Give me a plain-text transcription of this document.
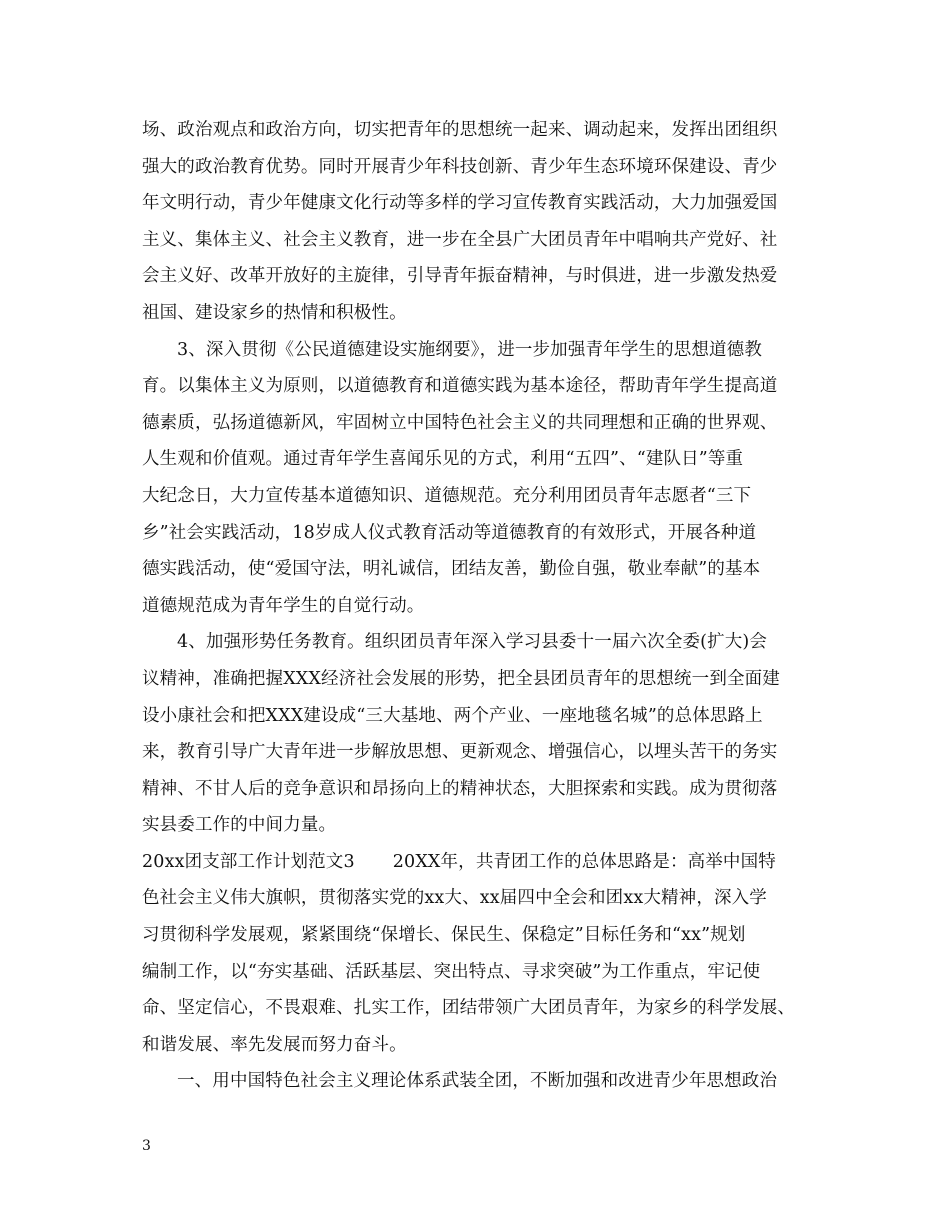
场、政治观点和政治方向，切实把青年的思想统一起来、调动起来，发挥出团组织
强大的政治教育优势。同时开展青少年科技创新、青少年生态环境环保建设、青少
年文明行动，青少年健康文化行动等多样的学习宣传教育实践活动，大力加强爱国
主义、集体主义、社会主义教育，进一步在全县广大团员青年中唱响共产党好、社
会主义好、改革开放好的主旋律，引导青年振奋精神，与时俱进，进一步激发热爱
祖国、建设家乡的热情和积极性。
3、深入贯彻《公民道德建设实施纲要》，进一步加强青年学生的思想道德教
育。以集体主义为原则，以道德教育和道德实践为基本途径，帮助青年学生提高道
德素质，弘扬道德新风，牢固树立中国特色社会主义的共同理想和正确的世界观、
人生观和价值观。通过青年学生喜闻乐见的方式，利用“五四”、“建队日”等重
大纪念日，大力宣传基本道德知识、道德规范。充分利用团员青年志愿者“三下
乡”社会实践活动，18岁成人仪式教育活动等道德教育的有效形式，开展各种道
德实践活动，使“爱国守法，明礼诚信，团结友善，勤俭自强，敬业奉献”的基本
道德规范成为青年学生的自觉行动。
4、加强形势任务教育。组织团员青年深入学习县委十一届六次全委(扩大)会
议精神，准确把握XXX经济社会发展的形势，把全县团员青年的思想统一到全面建
设小康社会和把XXX建设成“三大基地、两个产业、一座地毯名城”的总体思路上
来，教育引导广大青年进一步解放思想、更新观念、增强信心，以埋头苦干的务实
精神、不甘人后的竞争意识和昂扬向上的精神状态，大胆探索和实践。成为贯彻落
实县委工作的中间力量。
20xx团支部工作计划范文3 20XX年，共青团工作的总体思路是：高举中国特
色社会主义伟大旗帜，贯彻落实党的xx大、xx届四中全会和团xx大精神，深入学
习贯彻科学发展观，紧紧围绕“保增长、保民生、保稳定”目标任务和“xx”规划
编制工作，以“夯实基础、活跃基层、突出特点、寻求突破”为工作重点，牢记使
命、坚定信心，不畏艰难、扎实工作，团结带领广大团员青年，为家乡的科学发展、
和谐发展、率先发展而努力奋斗。
一、用中国特色社会主义理论体系武装全团，不断加强和改进青少年思想政治
3
